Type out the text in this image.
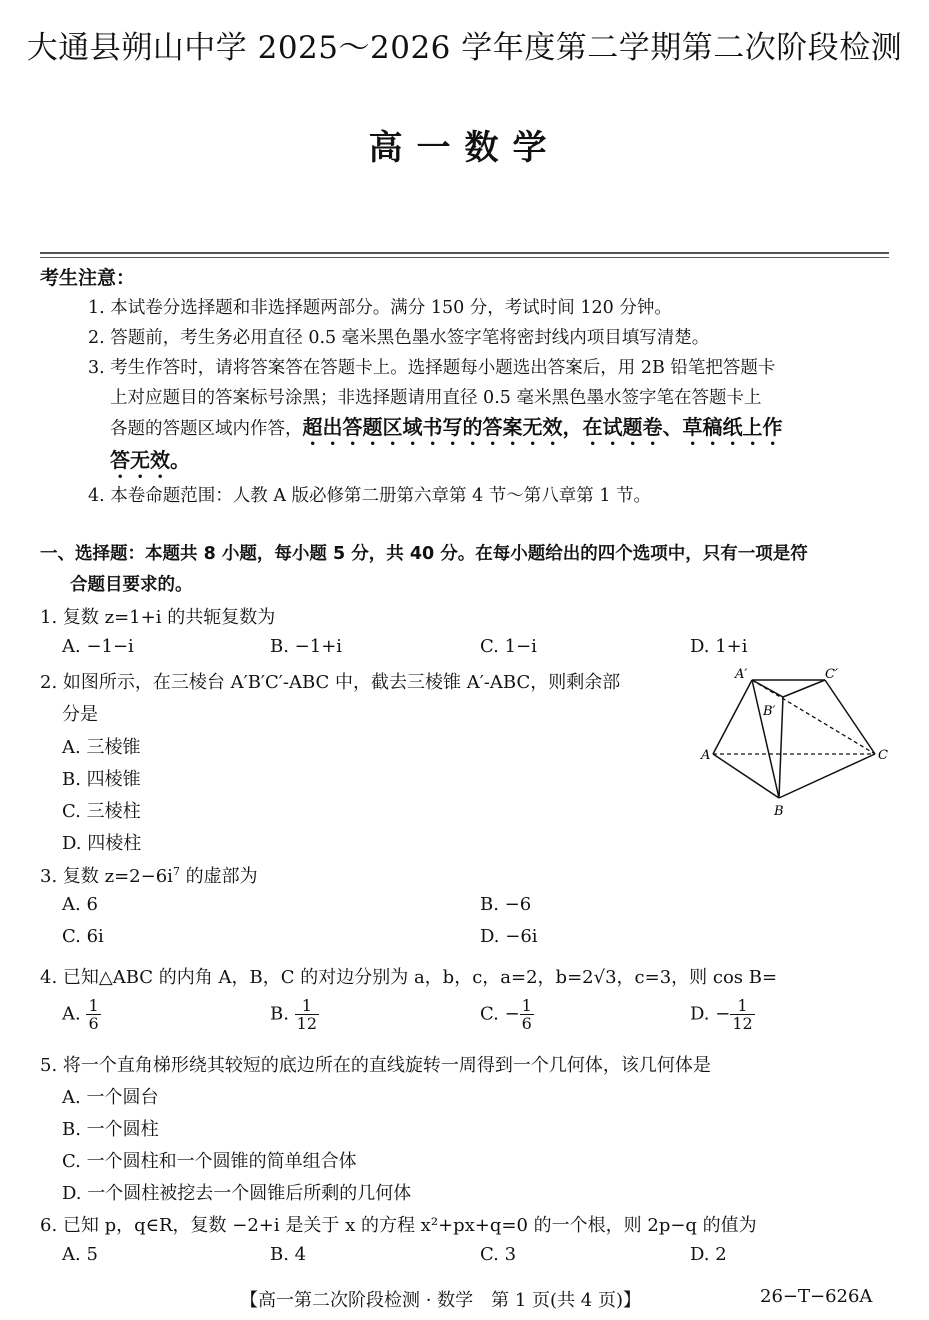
大通县朔山中学 2025～2026 学年度第二学期第二次阶段检测
高一数学
考生注意：
1. 本试卷分选择题和非选择题两部分。满分 150 分，考试时间 120 分钟。
2. 答题前，考生务必用直径 0.5 毫米黑色墨水签字笔将密封线内项目填写清楚。
3. 考生作答时，请将答案答在答题卡上。选择题每小题选出答案后，用 2B 铅笔把答题卡
上对应题目的答案标号涂黑；非选择题请用直径 0.5 毫米黑色墨水签字笔在答题卡上
各题的答题区域内作答，超出答题区域书写的答案无效，在试题卷、草稿纸上作
答无效。
4. 本卷命题范围：人教 A 版必修第二册第六章第 4 节～第八章第 1 节。
一、选择题：本题共 8 小题，每小题 5 分，共 40 分。在每小题给出的四个选项中，只有一项是符
合题目要求的。
1. 复数 z=1+i 的共轭复数为
A. −1−i	B. −1+i	C. 1−i	D. 1+i
2. 如图所示，在三棱台 A′B′C′-ABC 中，截去三棱锥 A′-ABC，则剩余部
分是
A. 三棱锥
B. 四棱锥
C. 三棱柱
D. 四棱柱
A′	C′
B′
A	C
B
3. 复数 $z=2-6i^7$ 的虚部为
A. 6	B. −6
C. 6i	D. −6i
4. 已知△ABC 的内角 A，B，C 的对边分别为 a，b，c，a=2，b=2√3，c=3，则 cos B=
A. $\frac{1}{6}$	B. $\frac{1}{12}$	C. − $\frac{1}{6}$	D. − $\frac{1}{12}$
5. 将一个直角梯形绕其较短的底边所在的直线旋转一周得到一个几何体，该几何体是
A. 一个圆台
B. 一个圆柱
C. 一个圆柱和一个圆锥的简单组合体
D. 一个圆柱被挖去一个圆锥后所剩的几何体
6. 已知 p，q∈R，复数 −2+i 是关于 x 的方程 x²+px+q=0 的一个根，则 2p−q 的值为
A. 5	B. 4	C. 3	D. 2
【高一第二次阶段检测 · 数学　第 1 页(共 4 页)】	26−T−626A
